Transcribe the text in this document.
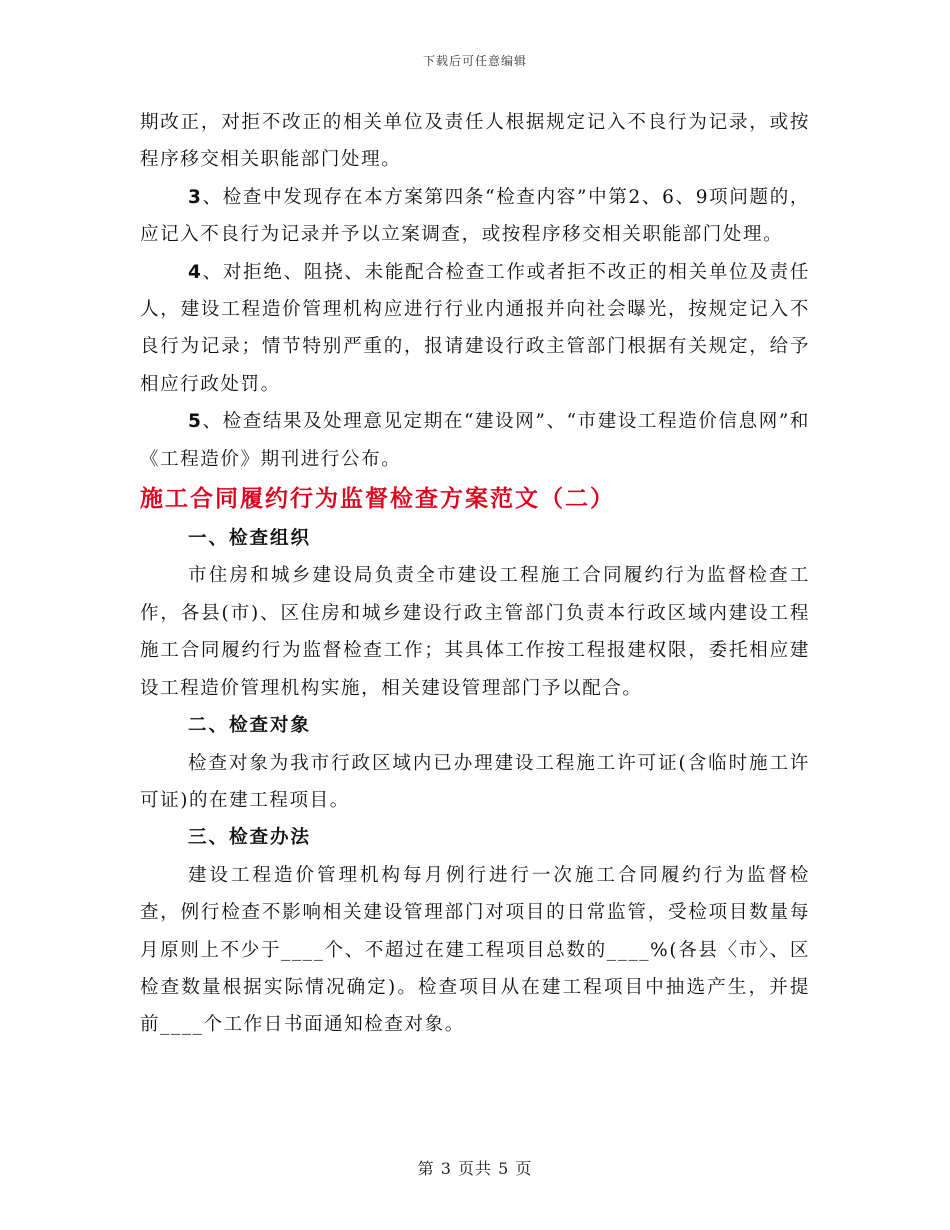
下载后可任意编辑

期改正，对拒不改正的相关单位及责任人根据规定记入不良行为记录，或按程序移交相关职能部门处理。

3、检查中发现存在本方案第四条“检查内容”中第2、6、9项问题的，应记入不良行为记录并予以立案调查，或按程序移交相关职能部门处理。

4、对拒绝、阻挠、未能配合检查工作或者拒不改正的相关单位及责任人，建设工程造价管理机构应进行行业内通报并向社会曝光，按规定记入不良行为记录；情节特别严重的，报请建设行政主管部门根据有关规定，给予相应行政处罚。

5、检查结果及处理意见定期在“建设网”、“市建设工程造价信息网”和《工程造价》期刊进行公布。

施工合同履约行为监督检查方案范文（二）

一、检查组织

市住房和城乡建设局负责全市建设工程施工合同履约行为监督检查工作，各县(市)、区住房和城乡建设行政主管部门负责本行政区域内建设工程施工合同履约行为监督检查工作；其具体工作按工程报建权限，委托相应建设工程造价管理机构实施，相关建设管理部门予以配合。

二、检查对象

检查对象为我市行政区域内已办理建设工程施工许可证(含临时施工许可证)的在建工程项目。

三、检查办法

建设工程造价管理机构每月例行进行一次施工合同履约行为监督检查，例行检查不影响相关建设管理部门对项目的日常监管，受检项目数量每月原则上不少于____个、不超过在建工程项目总数的____%(各县〈市〉、区检查数量根据实际情况确定)。检查项目从在建工程项目中抽选产生，并提前____个工作日书面通知检查对象。

第 3 页共 5 页
